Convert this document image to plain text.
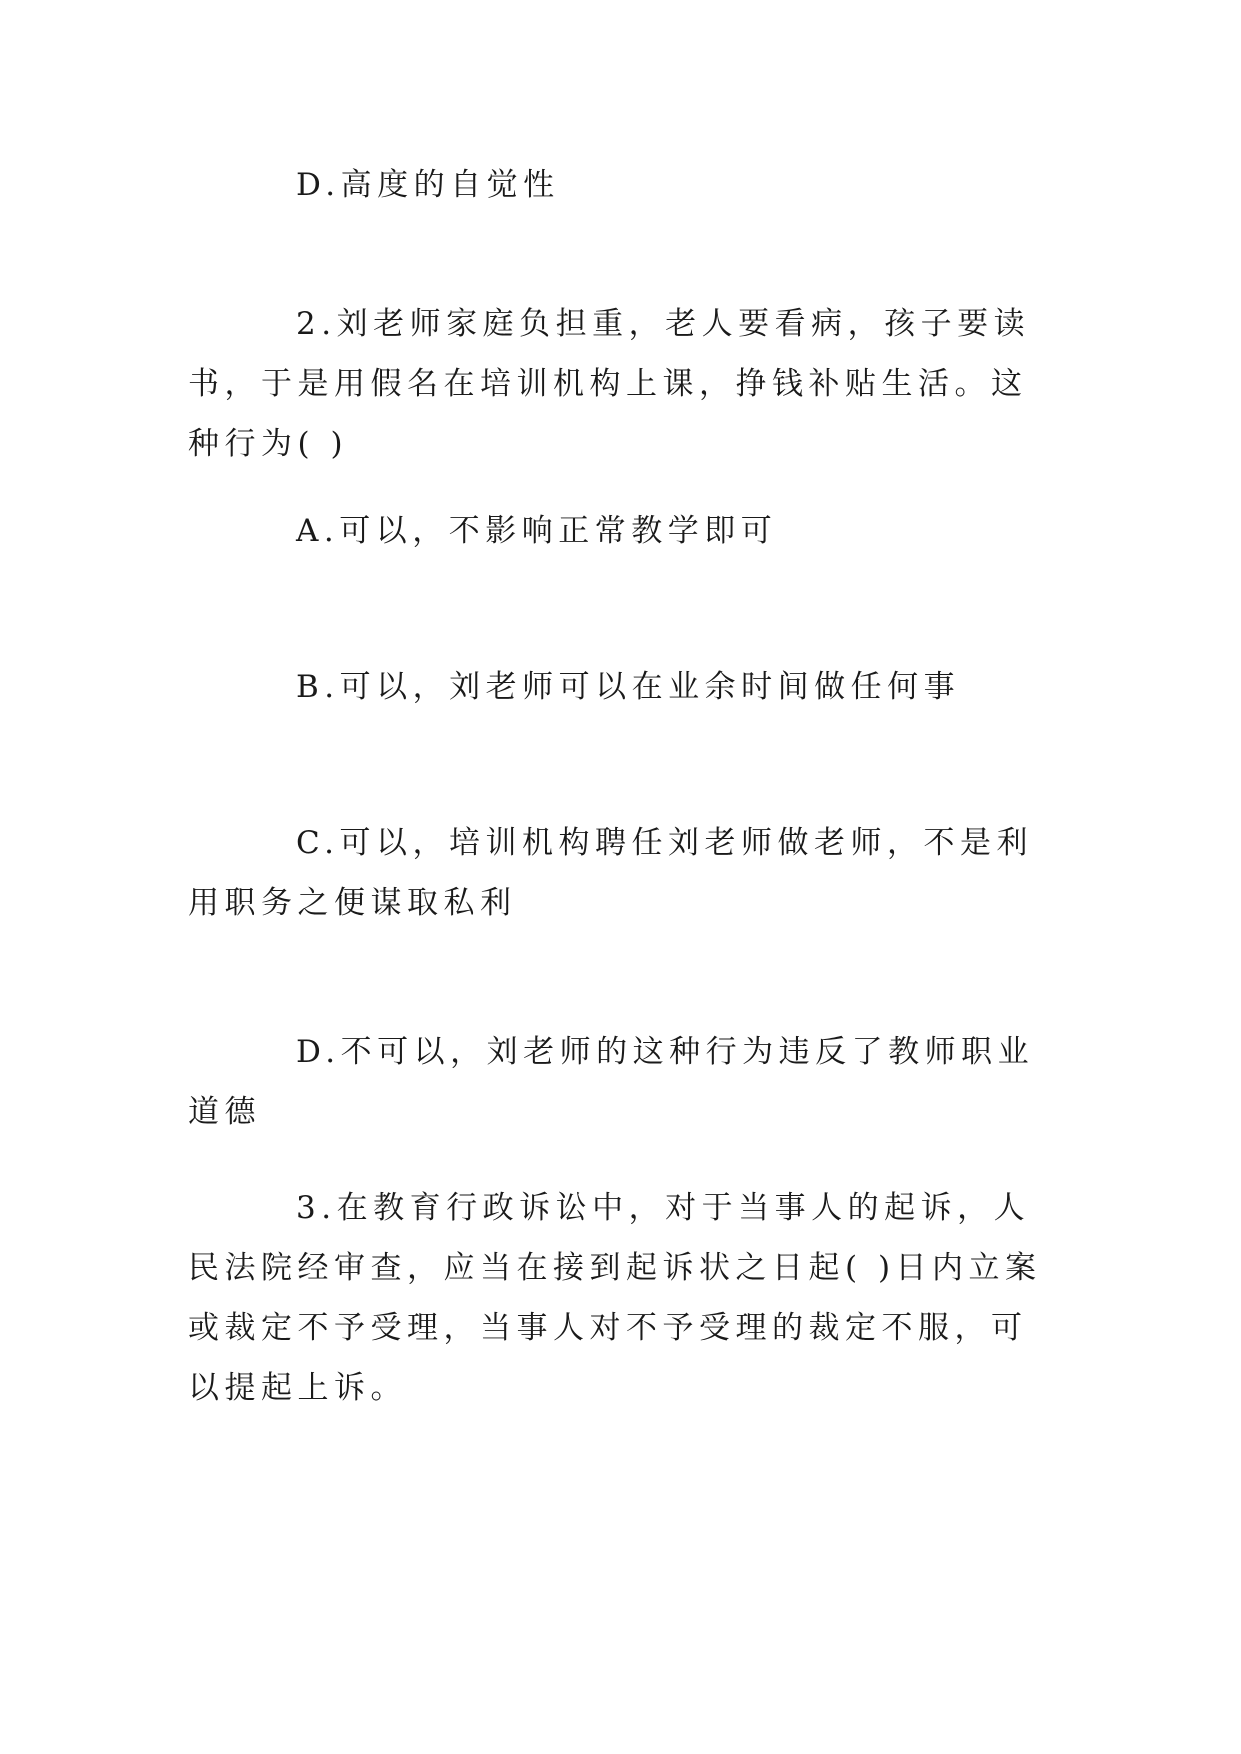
D.高度的自觉性

2.刘老师家庭负担重，老人要看病，孩子要读书，于是用假名在培训机构上课，挣钱补贴生活。这种行为( )

A.可以，不影响正常教学即可

B.可以，刘老师可以在业余时间做任何事

C.可以，培训机构聘任刘老师做老师，不是利用职务之便谋取私利

D.不可以，刘老师的这种行为违反了教师职业道德

3.在教育行政诉讼中，对于当事人的起诉，人民法院经审查，应当在接到起诉状之日起( )日内立案或裁定不予受理，当事人对不予受理的裁定不服，可以提起上诉。
